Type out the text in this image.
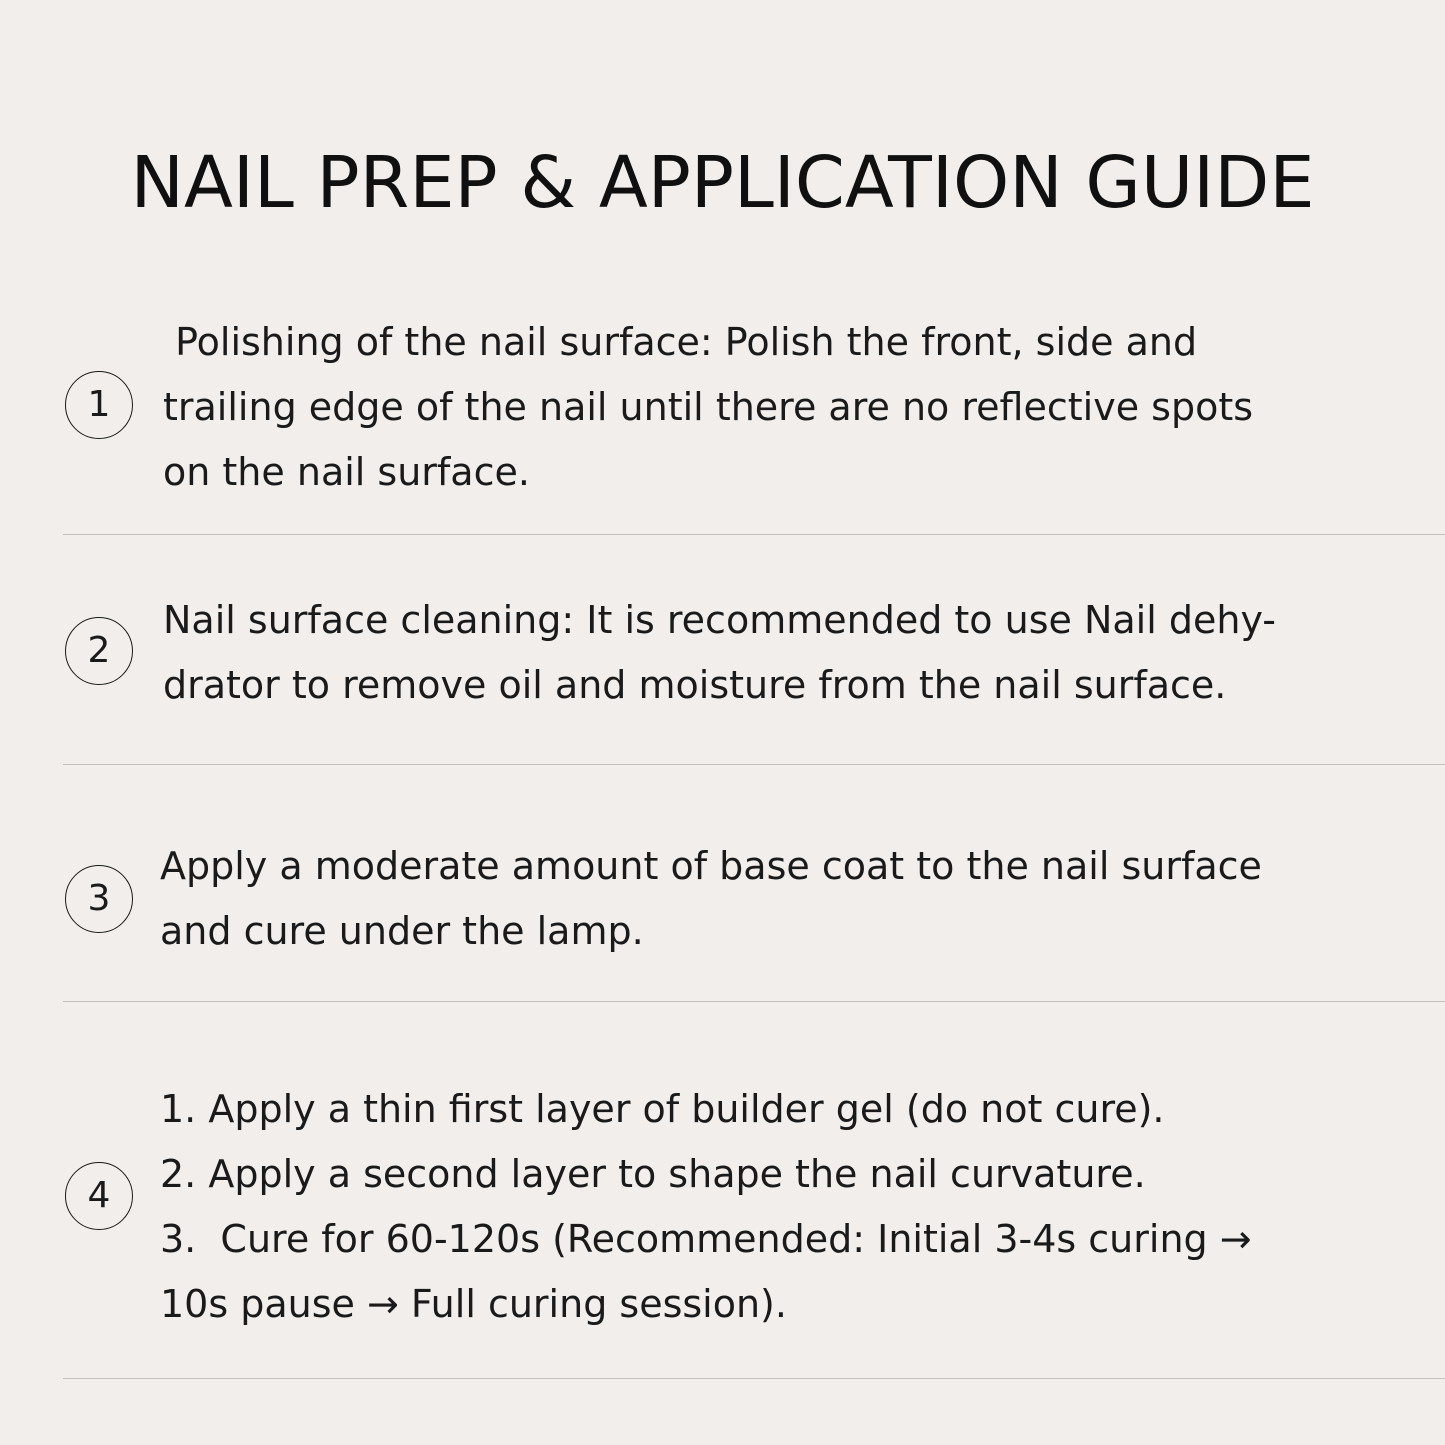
NAIL PREP & APPLICATION GUIDE
1
Polishing of the nail surface: Polish the front, side and
trailing edge of the nail until there are no reflective spots
on the nail surface.
2
Nail surface cleaning: It is recommended to use Nail dehy-
drator to remove oil and moisture from the nail surface.
3
Apply a moderate amount of base coat to the nail surface
and cure under the lamp.
4
1. Apply a thin first layer of builder gel (do not cure).
2. Apply a second layer to shape the nail curvature.
3.  Cure for 60-120s (Recommended: Initial 3-4s curing →
10s pause → Full curing session).
